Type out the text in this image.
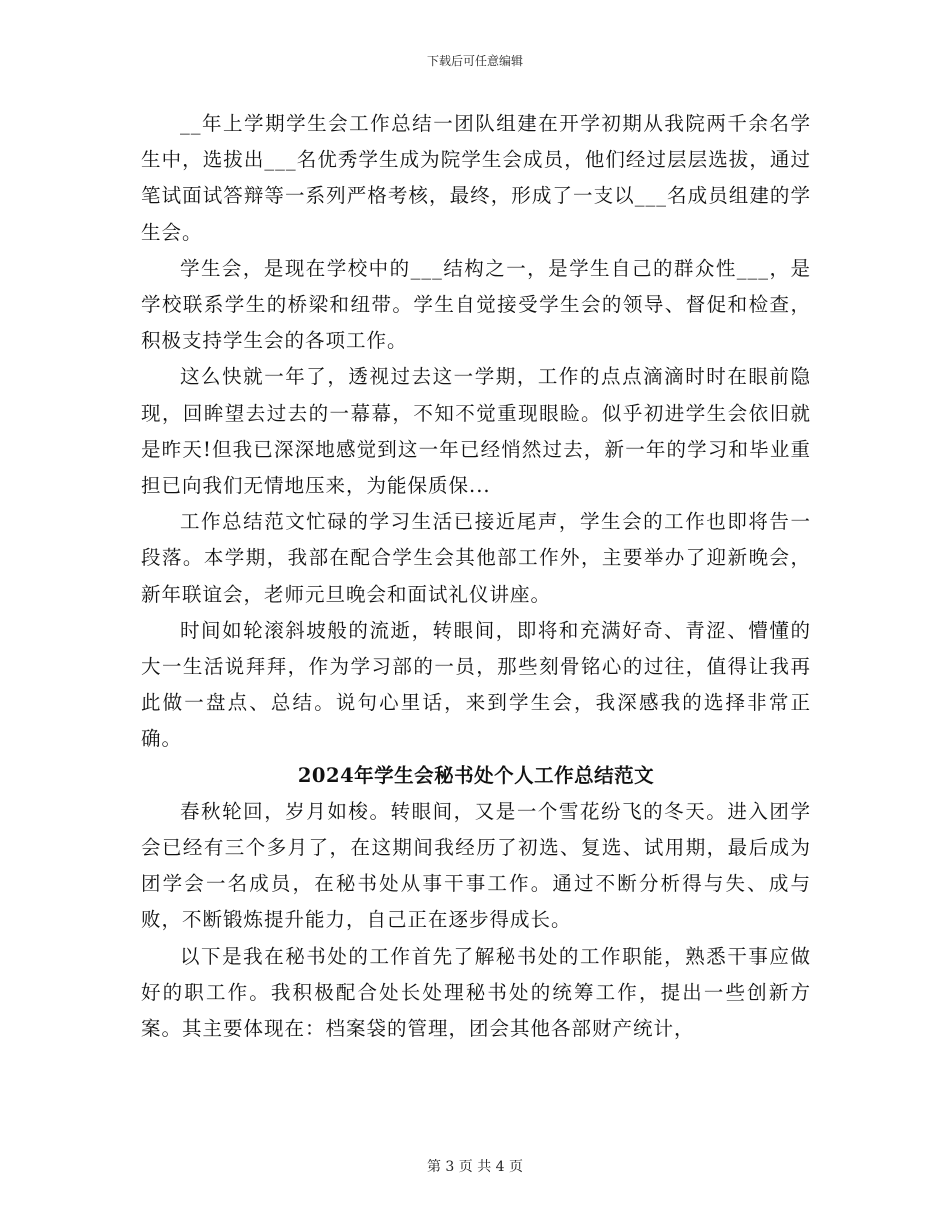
下载后可任意编辑

__年上学期学生会工作总结一团队组建在开学初期从我院两千余名学生中，选拔出___名优秀学生成为院学生会成员，他们经过层层选拔，通过笔试面试答辩等一系列严格考核，最终，形成了一支以___名成员组建的学生会。

学生会，是现在学校中的___结构之一，是学生自己的群众性___，是学校联系学生的桥梁和纽带。学生自觉接受学生会的领导、督促和检查，积极支持学生会的各项工作。

这么快就一年了，透视过去这一学期，工作的点点滴滴时时在眼前隐现，回眸望去过去的一幕幕，不知不觉重现眼睑。似乎初进学生会依旧就是昨天!但我已深深地感觉到这一年已经悄然过去，新一年的学习和毕业重担已向我们无情地压来，为能保质保...

工作总结范文忙碌的学习生活已接近尾声，学生会的工作也即将告一段落。本学期，我部在配合学生会其他部工作外，主要举办了迎新晚会，新年联谊会，老师元旦晚会和面试礼仪讲座。

时间如轮滚斜坡般的流逝，转眼间，即将和充满好奇、青涩、懵懂的大一生活说拜拜，作为学习部的一员，那些刻骨铭心的过往，值得让我再此做一盘点、总结。说句心里话，来到学生会，我深感我的选择非常正确。

2024年学生会秘书处个人工作总结范文

春秋轮回，岁月如梭。转眼间，又是一个雪花纷飞的冬天。进入团学会已经有三个多月了，在这期间我经历了初选、复选、试用期，最后成为团学会一名成员，在秘书处从事干事工作。通过不断分析得与失、成与败，不断锻炼提升能力，自己正在逐步得成长。

以下是我在秘书处的工作首先了解秘书处的工作职能，熟悉干事应做好的职工作。我积极配合处长处理秘书处的统筹工作，提出一些创新方案。其主要体现在：档案袋的管理，团会其他各部财产统计，

第 3 页 共 4 页
